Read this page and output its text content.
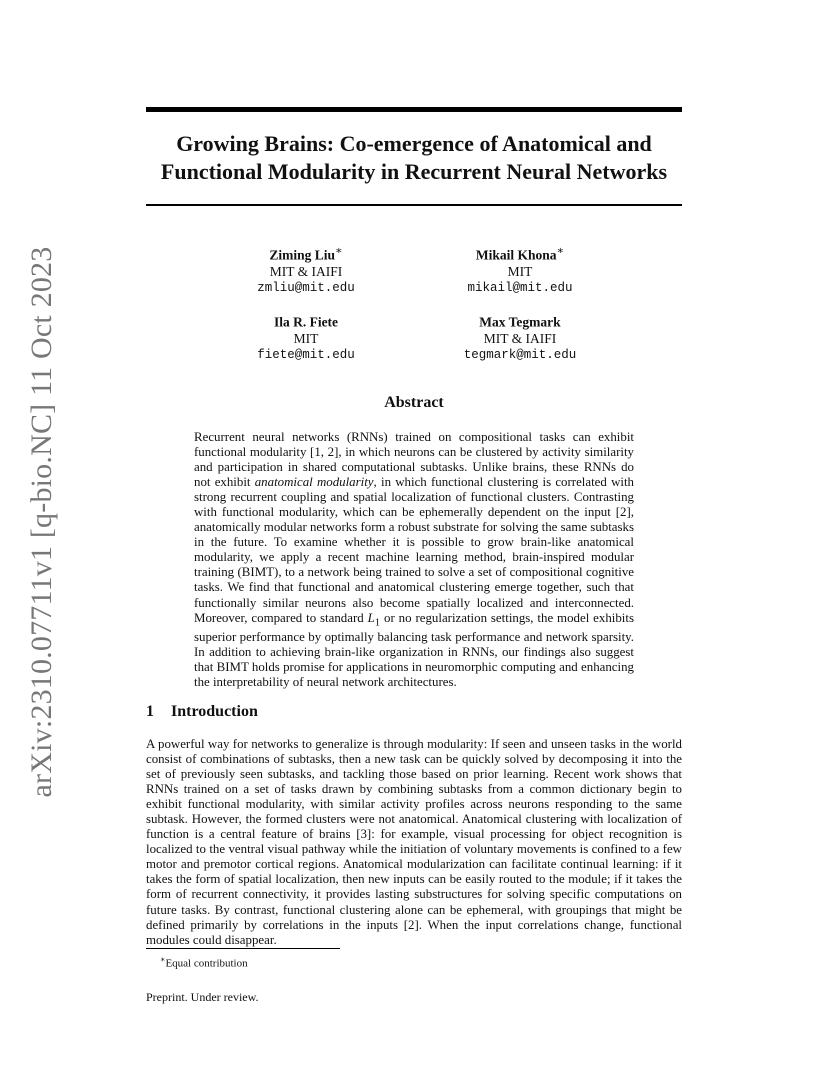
arXiv:2310.07711v1 [q-bio.NC] 11 Oct 2023
Growing Brains: Co-emergence of Anatomical and
Functional Modularity in Recurrent Neural Networks
Ziming Liu∗
MIT & IAIFI
zmliu@mit.edu
Mikail Khona∗
MIT
mikail@mit.edu
Ila R. Fiete
MIT
fiete@mit.edu
Max Tegmark
MIT & IAIFI
tegmark@mit.edu
Abstract

Recurrent neural networks (RNNs) trained on compositional tasks can exhibit functional modularity [1, 2], in which neurons can be clustered by activity similarity and participation in shared computational subtasks. Unlike brains, these RNNs do not exhibit anatomical modularity, in which functional clustering is correlated with strong recurrent coupling and spatial localization of functional clusters. Contrasting with functional modularity, which can be ephemerally dependent on the input [2], anatomically modular networks form a robust substrate for solving the same subtasks in the future. To examine whether it is possible to grow brain-like anatomical modularity, we apply a recent machine learning method, brain-inspired modular training (BIMT), to a network being trained to solve a set of compositional cognitive tasks. We find that functional and anatomical clustering emerge together, such that functionally similar neurons also become spatially localized and interconnected. Moreover, compared to standard $L_1$ or no regularization settings, the model exhibits superior performance by optimally balancing task performance and network sparsity. In addition to achieving brain-like organization in RNNs, our findings also suggest that BIMT holds promise for applications in neuromorphic computing and enhancing the interpretability of neural network architectures.

1 Introduction

A powerful way for networks to generalize is through modularity: If seen and unseen tasks in the world consist of combinations of subtasks, then a new task can be quickly solved by decomposing it into the set of previously seen subtasks, and tackling those based on prior learning. Recent work shows that RNNs trained on a set of tasks drawn by combining subtasks from a common dictionary begin to exhibit functional modularity, with similar activity profiles across neurons responding to the same subtask. However, the formed clusters were not anatomical. Anatomical clustering with localization of function is a central feature of brains [3]: for example, visual processing for object recognition is localized to the ventral visual pathway while the initiation of voluntary movements is confined to a few motor and premotor cortical regions. Anatomical modularization can facilitate continual learning: if it takes the form of spatial localization, then new inputs can be easily routed to the module; if it takes the form of recurrent connectivity, it provides lasting substructures for solving specific computations on future tasks. By contrast, functional clustering alone can be ephemeral, with groupings that might be defined primarily by correlations in the inputs [2]. When the input correlations change, functional modules could disappear.

∗Equal contribution
Preprint. Under review.
